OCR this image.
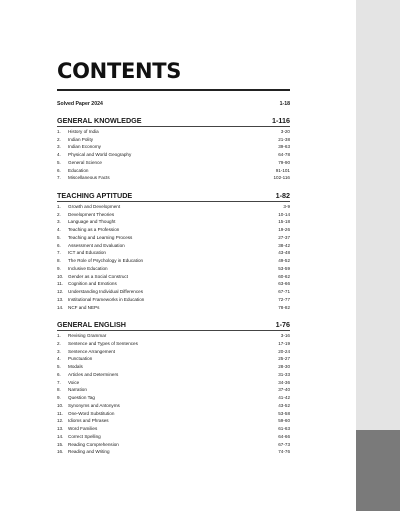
CONTENTS
Solved Paper 2024	1-18
GENERAL KNOWLEDGE	1-116
1.	History of India	3-20
2.	Indian Polity	21-38
3.	Indian Economy	39-63
4.	Physical and World Geography	64-78
5.	General Science	79-90
6.	Education	91-101
7.	Miscellaneous Facts	102-116
TEACHING APTITUDE	1-82
1.	Growth and Development	3-9
2.	Development Theories	10-14
3.	Language and Thought	15-18
4.	Teaching as a Profession	19-26
5.	Teaching and Learning Process	27-37
6.	Assessment and Evaluation	38-42
7.	ICT and Education	43-48
8.	The Role of Psychology in Education	49-52
9.	Inclusive Education	53-59
10.	Gender as a Social Construct	60-62
11.	Cognition and Emotions	63-66
12.	Understanding Individual Differences	67-71
13.	Institutional Frameworks in Education	72-77
14.	NCF and NEPs	78-82
GENERAL ENGLISH	1-76
1.	Revising Grammar	3-16
2.	Sentence and Types of Sentences	17-19
3.	Sentence Arrangement	20-24
4.	Punctuation	25-27
5.	Modals	28-30
6.	Articles and Determiners	31-33
7.	Voice	34-36
8.	Narration	37-40
9.	Question Tag	41-42
10.	Synonyms and Antonyms	43-52
11.	One-Word Substitution	53-58
12.	Idioms and Phrases	59-60
13.	Word Families	61-63
14.	Correct Spelling	64-66
15.	Reading Comprehension	67-73
16.	Reading and Writing	74-76
